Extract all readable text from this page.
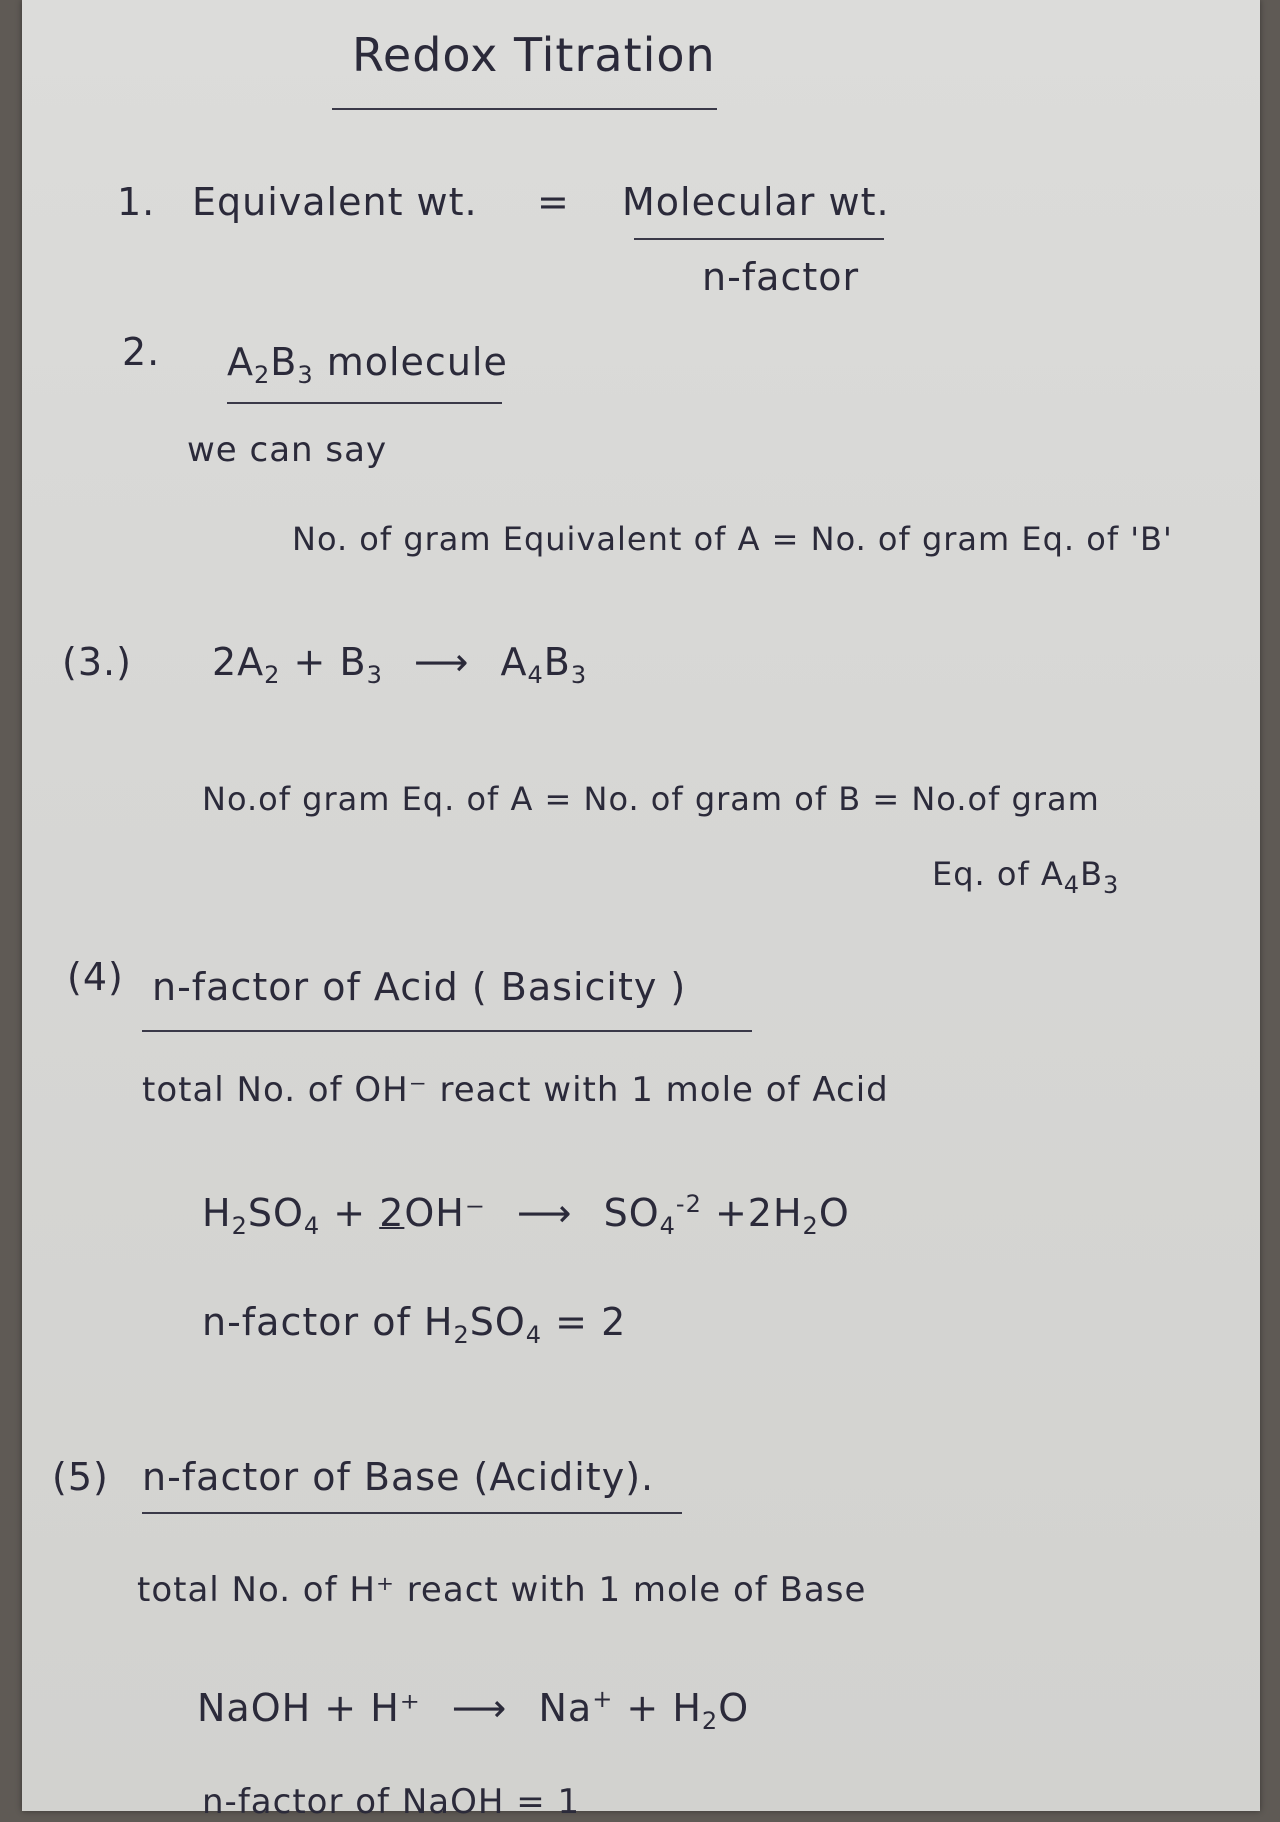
Redox Titration
1. Equivalent wt. = Molecular wt.
n-factor
2. $A_2B_3$ molecule
we can say
No. of gram Equivalent of A = No. of gram Eq. of 'B'
(3.) $2A_2 + B_3$ ⟶ $A_4B_3$
No.of gram Eq. of A = No. of gram of B = No.of gram
Eq. of $A_4B_3$
(4) n-factor of Acid ( Basicity )
total No. of OH⁻ react with 1 mole of Acid
$H_2SO_4 + 2OH^-$ ⟶ $SO_4^{-2} +2H_2O$
n-factor of $H_2SO_4 = 2$
(5) n-factor of Base (Acidity).
total No. of H⁺ react with 1 mole of Base
NaOH + H⁺ ⟶ $Na^+ + H_2O$
n-factor of NaOH = 1
